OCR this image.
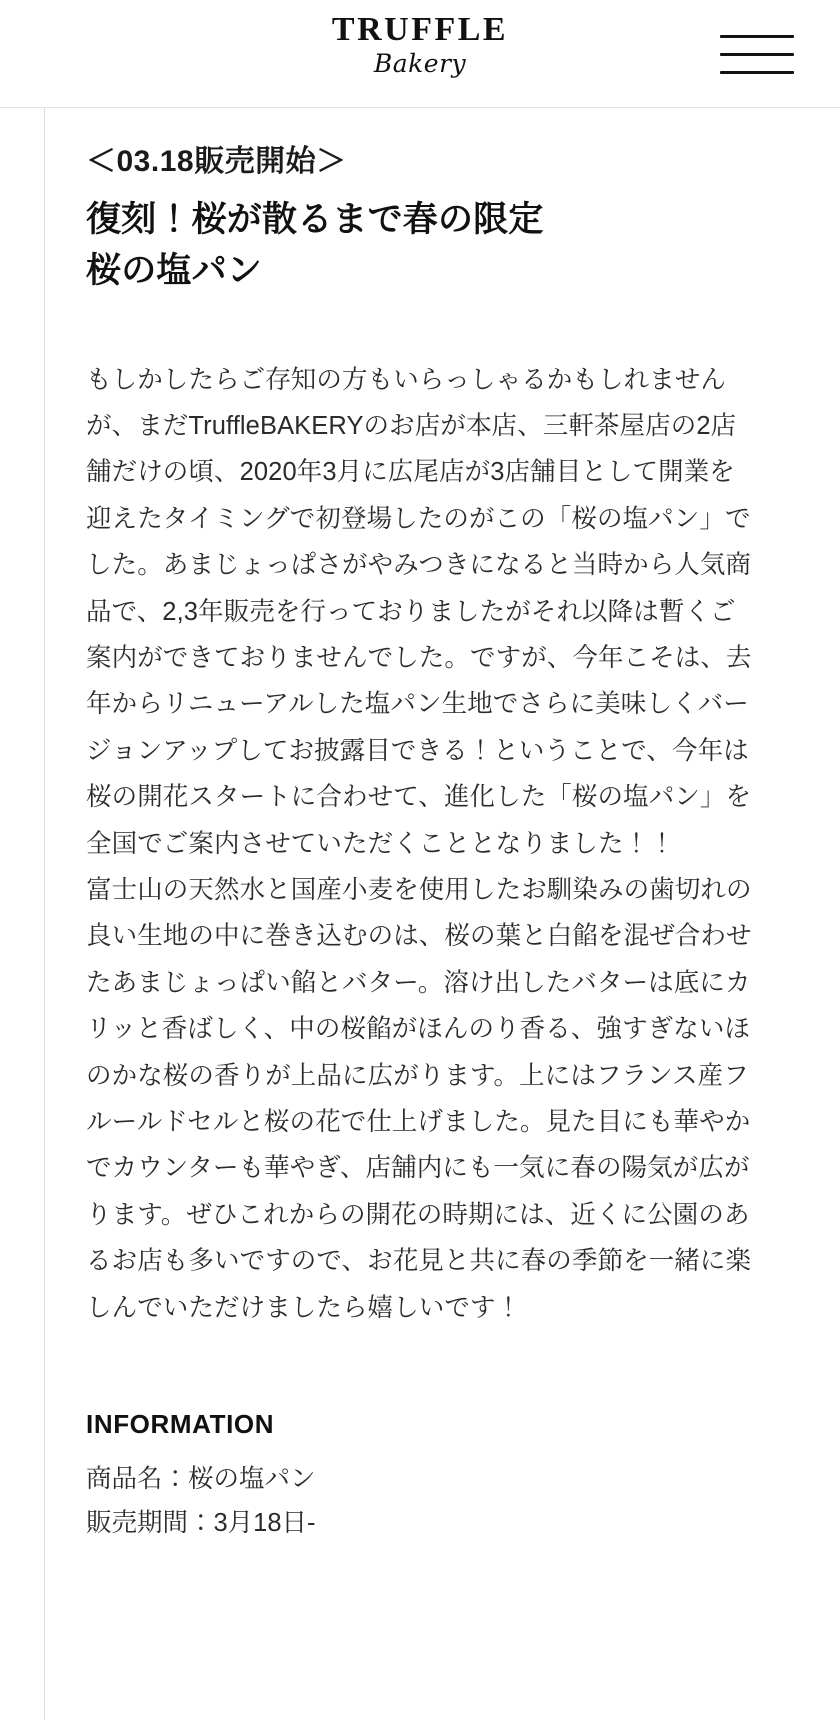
TRUFFLE
Bakery

＜03.18販売開始＞

復刻！桜が散るまで春の限定
桜の塩パン

もしかしたらご存知の方もいらっしゃるかもしれませんが、まだTruffleBAKERYのお店が本店、三軒茶屋店の2店舗だけの頃、2020年3月に広尾店が3店舗目として開業を迎えたタイミングで初登場したのがこの「桜の塩パン」でした。あまじょっぱさがやみつきになると当時から人気商品で、2,3年販売を行っておりましたがそれ以降は暫くご案内ができておりませんでした。ですが、今年こそは、去年からリニューアルした塩パン生地でさらに美味しくバージョンアップしてお披露目できる！ということで、今年は桜の開花スタートに合わせて、進化した「桜の塩パン」を全国でご案内させていただくこととなりました！！

富士山の天然水と国産小麦を使用したお馴染みの歯切れの良い生地の中に巻き込むのは、桜の葉と白餡を混ぜ合わせたあまじょっぱい餡とバター。溶け出したバターは底にカリッと香ばしく、中の桜餡がほんのり香る、強すぎないほのかな桜の香りが上品に広がります。上にはフランス産フルールドセルと桜の花で仕上げました。見た目にも華やかでカウンターも華やぎ、店舗内にも一気に春の陽気が広がります。ぜひこれからの開花の時期には、近くに公園のあるお店も多いですので、お花見と共に春の季節を一緒に楽しんでいただけましたら嬉しいです！

INFORMATION

商品名：桜の塩パン

販売期間：3月18日-
